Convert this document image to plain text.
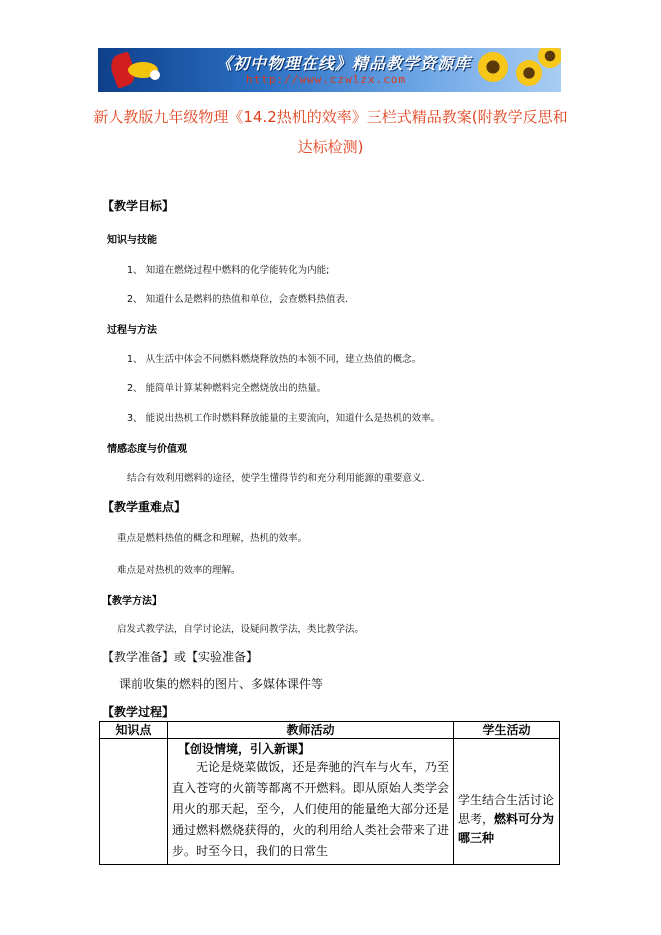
《初中物理在线》精品教学资源库
http://www.czwlzx.com
新人教版九年级物理《14.2热机的效率》三栏式精品教案(附教学反思和达标检测)
【教学目标】
知识与技能
1、 知道在燃烧过程中燃料的化学能转化为内能;
2、 知道什么是燃料的热值和单位，会查燃料热值表.
过程与方法
1、 从生活中体会不同燃料燃烧释放热的本领不同，建立热值的概念。
2、 能简单计算某种燃料完全燃烧放出的热量。
3、 能说出热机工作时燃料释放能量的主要流向，知道什么是热机的效率。
情感态度与价值观
结合有效利用燃料的途径，使学生懂得节约和充分利用能源的重要意义.
【教学重难点】
重点是燃料热值的概念和理解，热机的效率。
难点是对热机的效率的理解。
【教学方法】
启发式教学法，自学讨论法，设疑问教学法，类比教学法。
【教学准备】或【实验准备】
课前收集的燃料的图片、多媒体课件等
【教学过程】
知识点	教师活动	学生活动

	【创设情境，引入新课】
无论是烧菜做饭，还是奔驰的汽车与火车，乃至直入苍穹的火箭等都离不开燃料。即从原始人类学会用火的那天起，至今，人们使用的能量绝大部分还是通过燃料燃烧获得的，火的利用给人类社会带来了进步。时至今日，我们的日常生	学生结合生活讨论思考，燃料可分为哪三种
